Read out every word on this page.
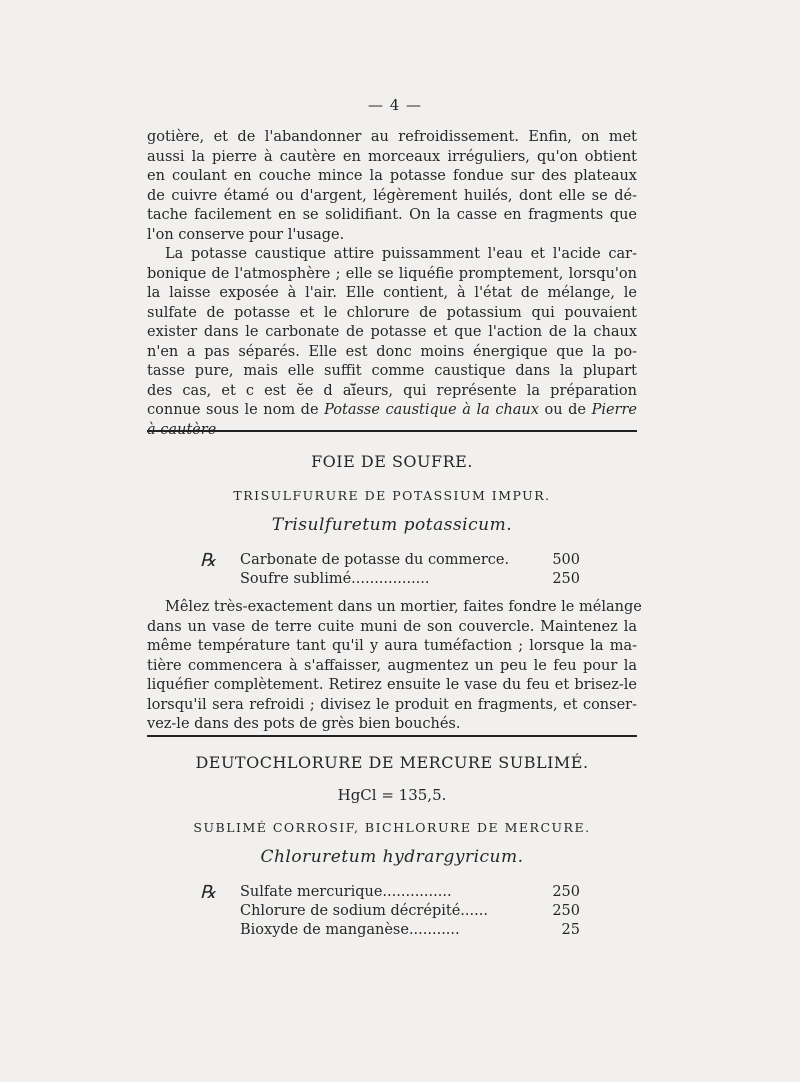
— 4 —
gotière, et de l'abandonner au refroidissement. Enfin, on met
aussi la pierre à cautère en morceaux irréguliers, qu'on obtient
en coulant en couche mince la potasse fondue sur des plateaux
de cuivre étamé ou d'argent, légèrement huilés, dont elle se dé-
tache facilement en se solidifiant. On la casse en fragments que
l'on conserve pour l'usage.
La potasse caustique attire puissamment l'eau et l'acide car-
bonique de l'atmosphère ; elle se liquéfie promptement, lorsqu'on
la laisse exposée à l'air. Elle contient, à l'état de mélange, le
sulfate de potasse et le chlorure de potassium qui pouvaient
exister dans le carbonate de potasse et que l'action de la chaux
n'en a pas séparés. Elle est donc moins énergique que la po-
tasse pure, mais elle suffit comme caustique dans la plupart
des cas, et c est ĕe d aĭ̆eurs, qui représente la préparation
connue sous le nom de Potasse caustique à la chaux ou de Pierre
à cautère
FOIE DE SOUFRE.
TRISULFURURE DE POTASSIUM IMPUR.
Trisulfuretum potassicum.
℞ Carbonate de potasse du commerce.	500
Soufre sublimé.................	250
Mêlez très-exactement dans un mortier, faites fondre le mélange
dans un vase de terre cuite muni de son couvercle. Maintenez la
même température tant qu'il y aura tuméfaction ; lorsque la ma-
tière commencera à s'affaisser, augmentez un peu le feu pour la
liquéfier complètement. Retirez ensuite le vase du feu et brisez-le
lorsqu'il sera refroidi ; divisez le produit en fragments, et conser-
vez-le dans des pots de grès bien bouchés.
DEUTOCHLORURE DE MERCURE SUBLIMÉ.
HgCl = 135,5.
SUBLIMÉ CORROSIF, BICHLORURE DE MERCURE.
Chloruretum hydrargyricum.
℞ Sulfate mercurique...............	250
Chlorure de sodium décrépité......	250
Bioxyde de manganèse...........	25
